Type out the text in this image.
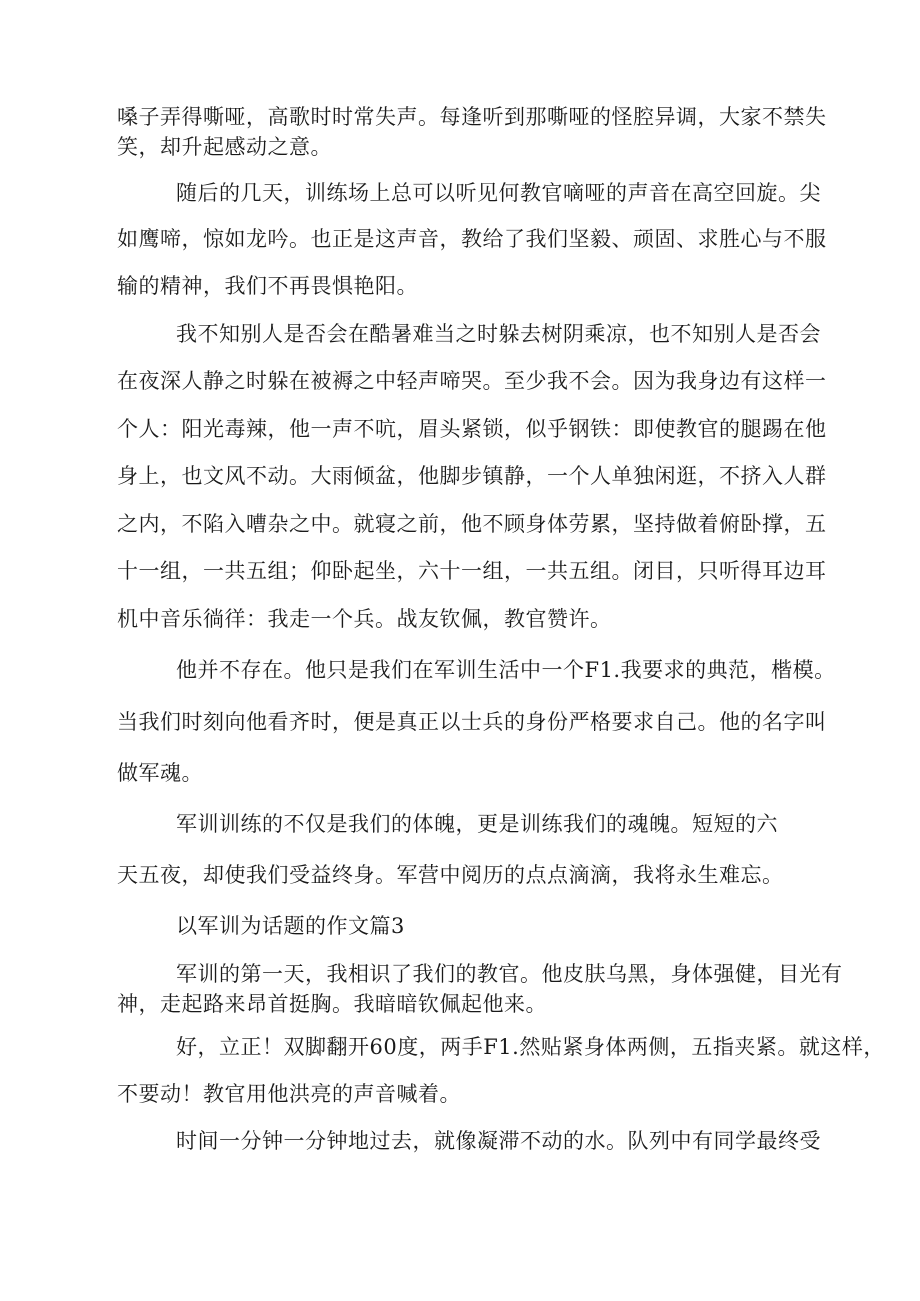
嗓子弄得嘶哑，高歌时时常失声。每逢听到那嘶哑的怪腔异调，大家不禁失
笑，却升起感动之意。
随后的几天，训练场上总可以听见何教官嘀哑的声音在高空回旋。尖
如鹰啼，惊如龙吟。也正是这声音，教给了我们坚毅、顽固、求胜心与不服
输的精神，我们不再畏惧艳阳。
我不知别人是否会在酷暑难当之时躲去树阴乘凉，也不知别人是否会
在夜深人静之时躲在被褥之中轻声啼哭。至少我不会。因为我身边有这样一
个人：阳光毒辣，他一声不吭，眉头紧锁，似乎钢铁：即使教官的腿踢在他
身上，也文风不动。大雨倾盆，他脚步镇静，一个人单独闲逛，不挤入人群
之内，不陷入嘈杂之中。就寝之前，他不顾身体劳累，坚持做着俯卧撑，五
十一组，一共五组；仰卧起坐，六十一组，一共五组。闭目，只听得耳边耳
机中音乐徜徉：我走一个兵。战友钦佩，教官赞许。
他并不存在。他只是我们在军训生活中一个F1.我要求的典范，楷模。
当我们时刻向他看齐时，便是真正以士兵的身份严格要求自己。他的名字叫
做军魂。
军训训练的不仅是我们的体魄，更是训练我们的魂魄。短短的六
天五夜，却使我们受益终身。军营中阅历的点点滴滴，我将永生难忘。
以军训为话题的作文篇3
军训的第一天，我相识了我们的教官。他皮肤乌黑，身体强健，目光有
神，走起路来昂首挺胸。我暗暗钦佩起他来。
好，立正！双脚翻开60度，两手F1.然贴紧身体两侧，五指夹紧。就这样，
不要动！教官用他洪亮的声音喊着。
时间一分钟一分钟地过去，就像凝滞不动的水。队列中有同学最终受
